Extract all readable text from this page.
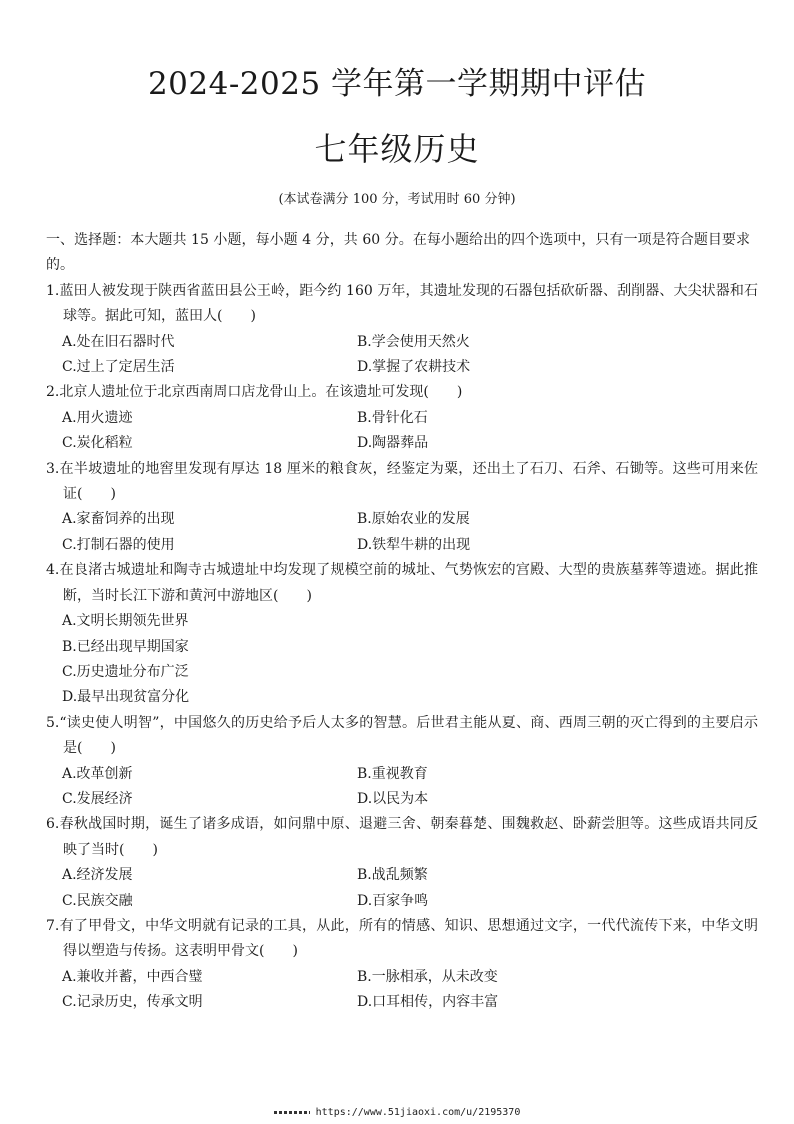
2024-2025 学年第一学期期中评估
七年级历史
(本试卷满分 100 分，考试用时 60 分钟)

一、选择题：本大题共 15 小题，每小题 4 分，共 60 分。在每小题给出的四个选项中，只有一项是符合题目要求的。

1.蓝田人被发现于陕西省蓝田县公王岭，距今约 160 万年，其遗址发现的石器包括砍斫器、刮削器、大尖状器和石球等。据此可知，蓝田人(　　)

A.处在旧石器时代	B.学会使用天然火
C.过上了定居生活	D.掌握了农耕技术

2.北京人遗址位于北京西南周口店龙骨山上。在该遗址可发现(　　)

A.用火遗迹	B.骨针化石
C.炭化稻粒	D.陶器葬品

3.在半坡遗址的地窖里发现有厚达 18 厘米的粮食灰，经鉴定为粟，还出土了石刀、石斧、石锄等。这些可用来佐证(　　)

A.家畜饲养的出现	B.原始农业的发展
C.打制石器的使用	D.铁犁牛耕的出现

4.在良渚古城遗址和陶寺古城遗址中均发现了规模空前的城址、气势恢宏的宫殿、大型的贵族墓葬等遗迹。据此推断，当时长江下游和黄河中游地区(　　)

A.文明长期领先世界
B.已经出现早期国家
C.历史遗址分布广泛
D.最早出现贫富分化

5.“读史使人明智”，中国悠久的历史给予后人太多的智慧。后世君主能从夏、商、西周三朝的灭亡得到的主要启示是(　　)

A.改革创新	B.重视教育
C.发展经济	D.以民为本

6.春秋战国时期，诞生了诸多成语，如问鼎中原、退避三舍、朝秦暮楚、围魏救赵、卧薪尝胆等。这些成语共同反映了当时(　　)

A.经济发展	B.战乱频繁
C.民族交融	D.百家争鸣

7.有了甲骨文，中华文明就有记录的工具，从此，所有的情感、知识、思想通过文字，一代代流传下来，中华文明得以塑造与传扬。这表明甲骨文(　　)

A.兼收并蓄，中西合璧	B.一脉相承，从未改变
C.记录历史，传承文明	D.口耳相传，内容丰富
https://www.51jiaoxi.com/u/2195370
